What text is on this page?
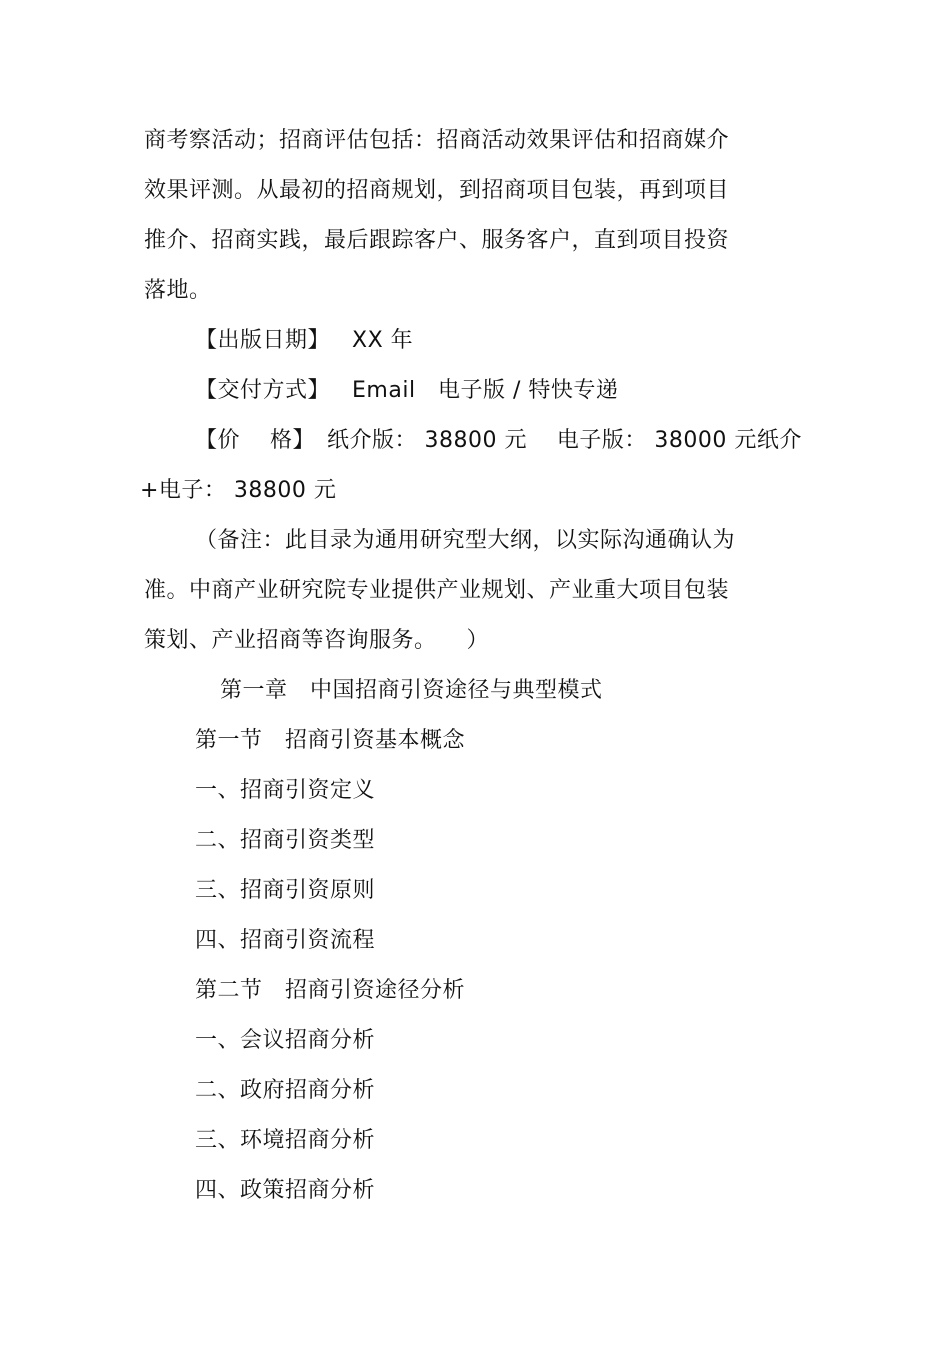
商考察活动；招商评估包括：招商活动效果评估和招商媒介
效果评测。从最初的招商规划，到招商项目包装，再到项目
推介、招商实践，最后跟踪客户、服务客户，直到项目投资
落地。
【出版日期】 XX 年
【交付方式】 Email   电子版 / 特快专递
【价    格】 纸介版： 38800 元    电子版： 38000 元纸介
+电子： 38800 元
（备注：此目录为通用研究型大纲，以实际沟通确认为
准。中商产业研究院专业提供产业规划、产业重大项目包装
策划、产业招商等咨询服务。    ）
第一章   中国招商引资途径与典型模式
第一节   招商引资基本概念
一、招商引资定义
二、招商引资类型
三、招商引资原则
四、招商引资流程
第二节   招商引资途径分析
一、会议招商分析
二、政府招商分析
三、环境招商分析
四、政策招商分析
